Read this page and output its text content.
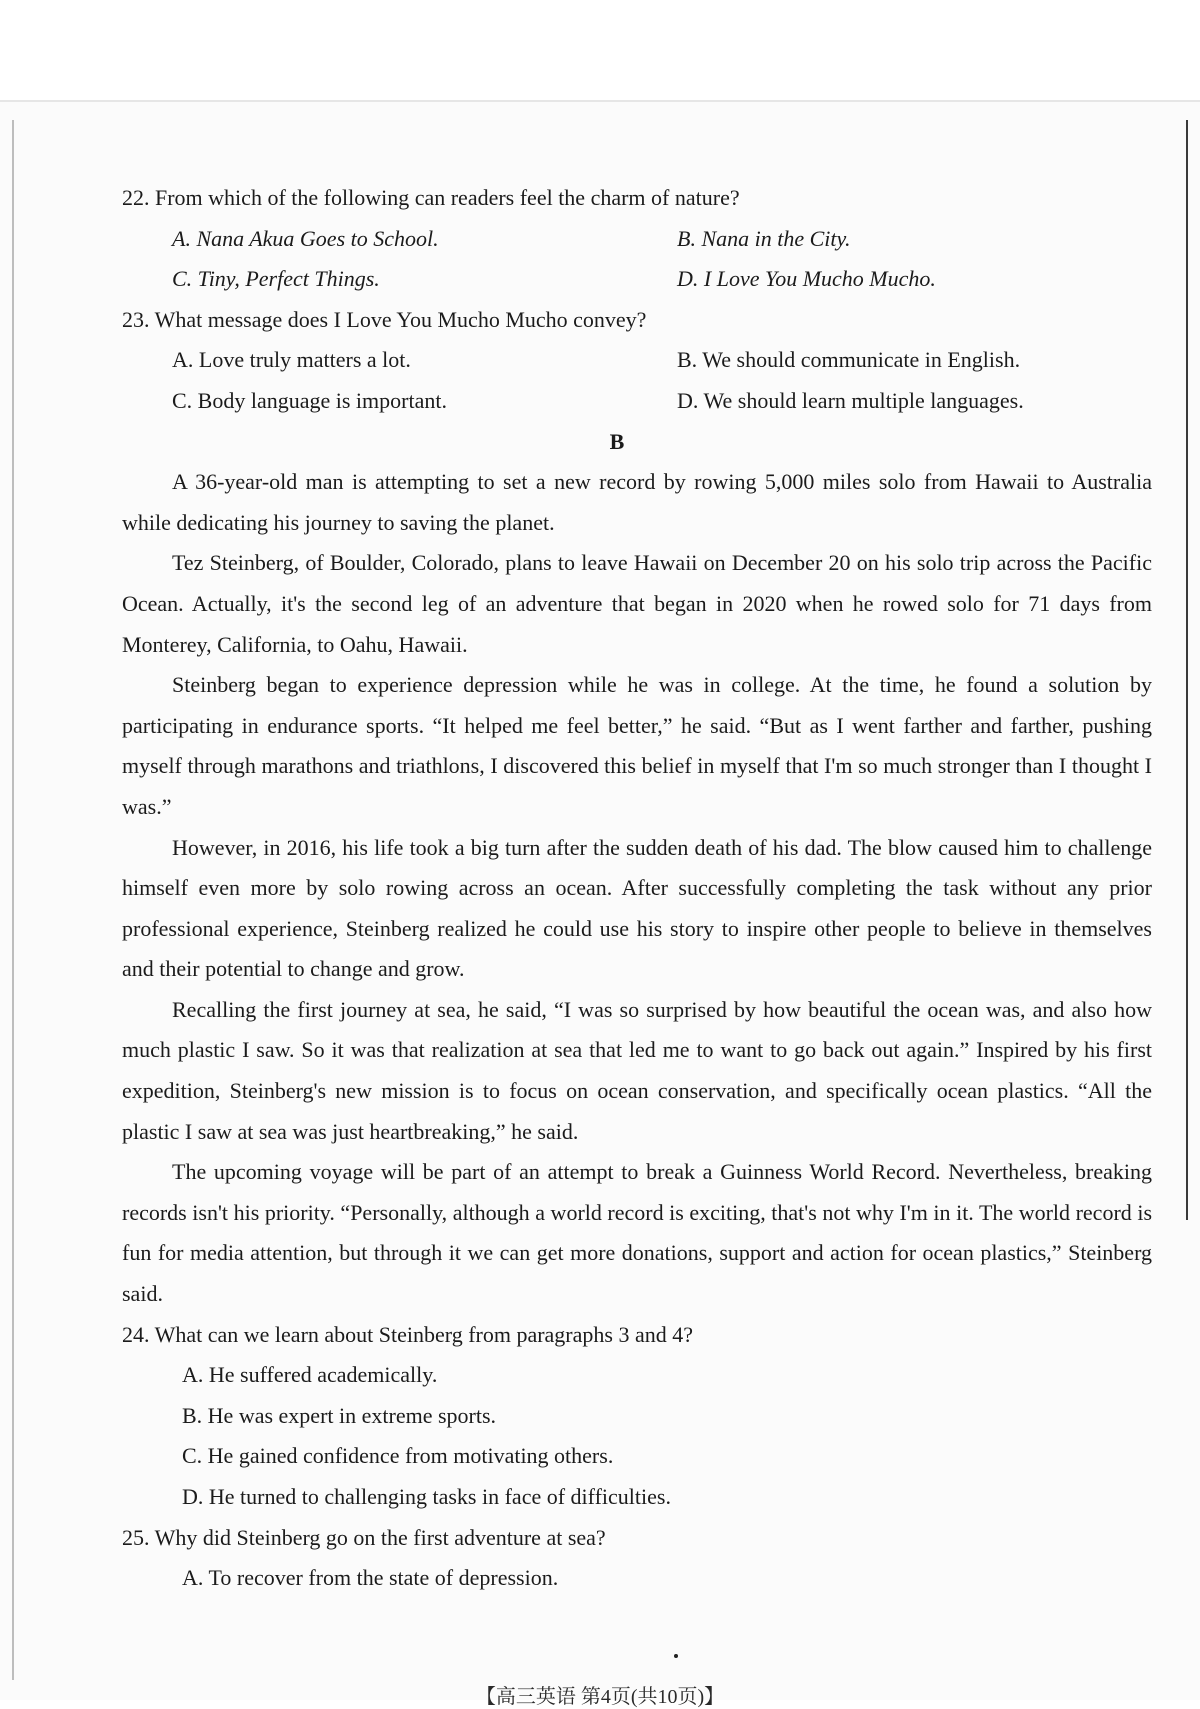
22. From which of the following can readers feel the charm of nature?

A. Nana Akua Goes to School.	B. Nana in the City.
C. Tiny, Perfect Things.	D. I Love You Mucho Mucho.

23. What message does I Love You Mucho Mucho convey?

A. Love truly matters a lot.	B. We should communicate in English.
C. Body language is important.	D. We should learn multiple languages.

B

A 36-year-old man is attempting to set a new record by rowing 5,000 miles solo from Hawaii to Australia while dedicating his journey to saving the planet.

Tez Steinberg, of Boulder, Colorado, plans to leave Hawaii on December 20 on his solo trip across the Pacific Ocean. Actually, it's the second leg of an adventure that began in 2020 when he rowed solo for 71 days from Monterey, California, to Oahu, Hawaii.

Steinberg began to experience depression while he was in college. At the time, he found a solution by participating in endurance sports. “It helped me feel better,” he said. “But as I went farther and farther, pushing myself through marathons and triathlons, I discovered this belief in myself that I'm so much stronger than I thought I was.”

However, in 2016, his life took a big turn after the sudden death of his dad. The blow caused him to challenge himself even more by solo rowing across an ocean. After successfully completing the task without any prior professional experience, Steinberg realized he could use his story to inspire other people to believe in themselves and their potential to change and grow.

Recalling the first journey at sea, he said, “I was so surprised by how beautiful the ocean was, and also how much plastic I saw. So it was that realization at sea that led me to want to go back out again.” Inspired by his first expedition, Steinberg's new mission is to focus on ocean conservation, and specifically ocean plastics. “All the plastic I saw at sea was just heartbreaking,” he said.

The upcoming voyage will be part of an attempt to break a Guinness World Record. Nevertheless, breaking records isn't his priority. “Personally, although a world record is exciting, that's not why I'm in it. The world record is fun for media attention, but through it we can get more donations, support and action for ocean plastics,” Steinberg said.

24. What can we learn about Steinberg from paragraphs 3 and 4?

A. He suffered academically.

B. He was expert in extreme sports.

C. He gained confidence from motivating others.

D. He turned to challenging tasks in face of difficulties.

25. Why did Steinberg go on the first adventure at sea?

A. To recover from the state of depression.

【高三英语 第4页(共10页)】
